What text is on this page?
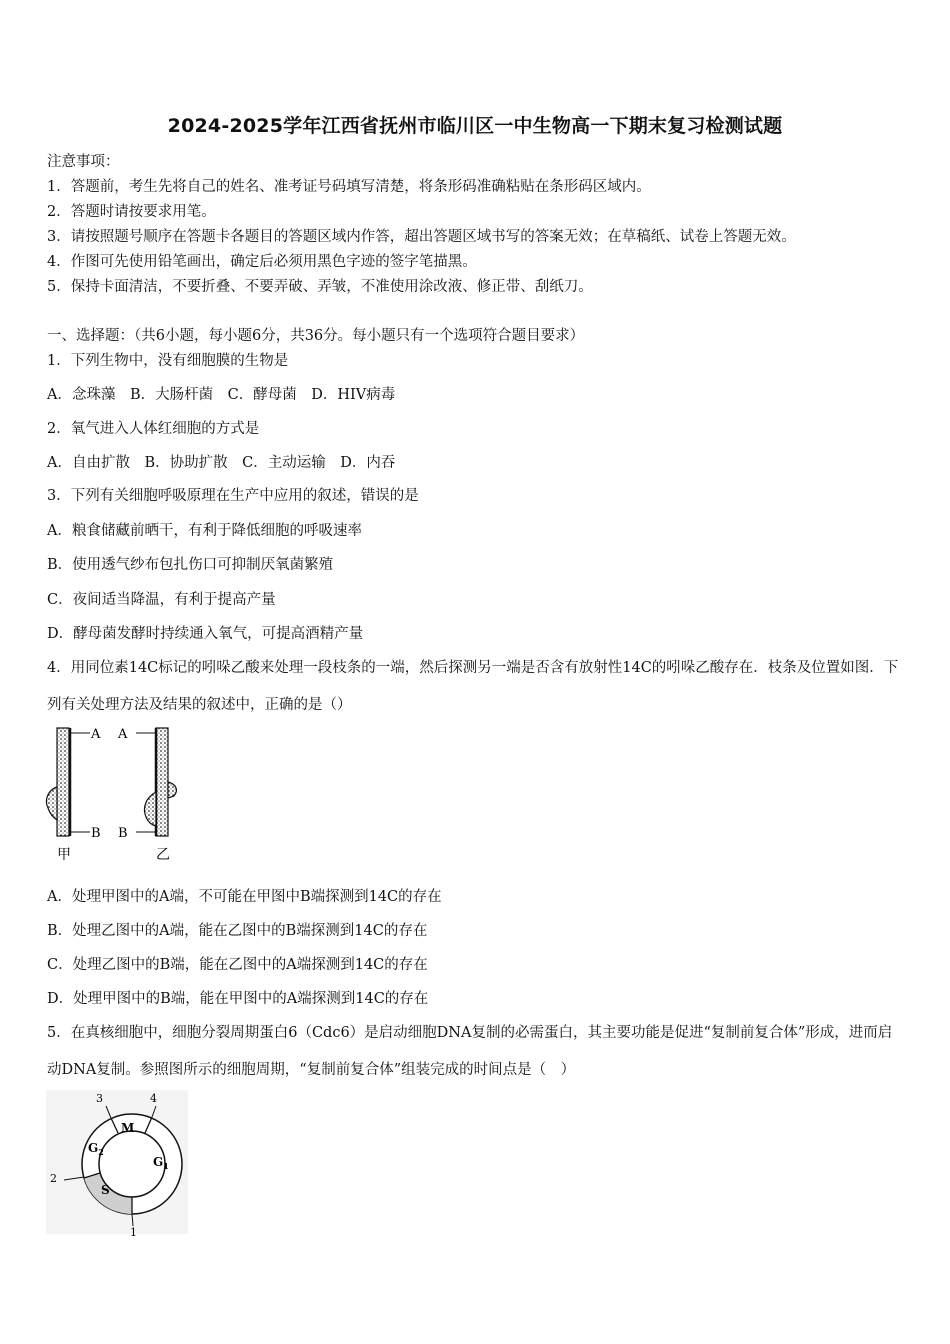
2024-2025学年江西省抚州市临川区一中生物高一下期末复习检测试题
注意事项：
1．答题前，考生先将自己的姓名、准考证号码填写清楚，将条形码准确粘贴在条形码区域内。
2．答题时请按要求用笔。
3．请按照题号顺序在答题卡各题目的答题区域内作答，超出答题区域书写的答案无效；在草稿纸、试卷上答题无效。
4．作图可先使用铅笔画出，确定后必须用黑色字迹的签字笔描黑。
5．保持卡面清洁，不要折叠、不要弄破、弄皱，不准使用涂改液、修正带、刮纸刀。
一、选择题：（共6小题，每小题6分，共36分。每小题只有一个选项符合题目要求）
1．下列生物中，没有细胞膜的生物是
A．念珠藻　B．大肠杆菌　C．酵母菌　D．HIV病毒
2．氧气进入人体红细胞的方式是
A．自由扩散　B．协助扩散　C．主动运输　D．内吞
3．下列有关细胞呼吸原理在生产中应用的叙述，错误的是
A．粮食储藏前晒干，有利于降低细胞的呼吸速率
B．使用透气纱布包扎伤口可抑制厌氧菌繁殖
C．夜间适当降温，有利于提高产量
D．酵母菌发酵时持续通入氧气，可提高酒精产量
4．用同位素14C标记的吲哚乙酸来处理一段枝条的一端，然后探测另一端是否含有放射性14C的吲哚乙酸存在．枝条及位置如图．下列有关处理方法及结果的叙述中，正确的是（）
A
B
甲
A
B
乙
A．处理甲图中的A端，不可能在甲图中B端探测到14C的存在
B．处理乙图中的A端，能在乙图中的B端探测到14C的存在
C．处理乙图中的B端，能在乙图中的A端探测到14C的存在
D．处理甲图中的B端，能在甲图中的A端探测到14C的存在
5．在真核细胞中，细胞分裂周期蛋白6（Cdc6）是启动细胞DNA复制的必需蛋白，其主要功能是促进“复制前复合体”形成，进而启动DNA复制。参照图所示的细胞周期，“复制前复合体”组装完成的时间点是（　）
M
$G_2$
$G_1$
S
3	4
2
1
